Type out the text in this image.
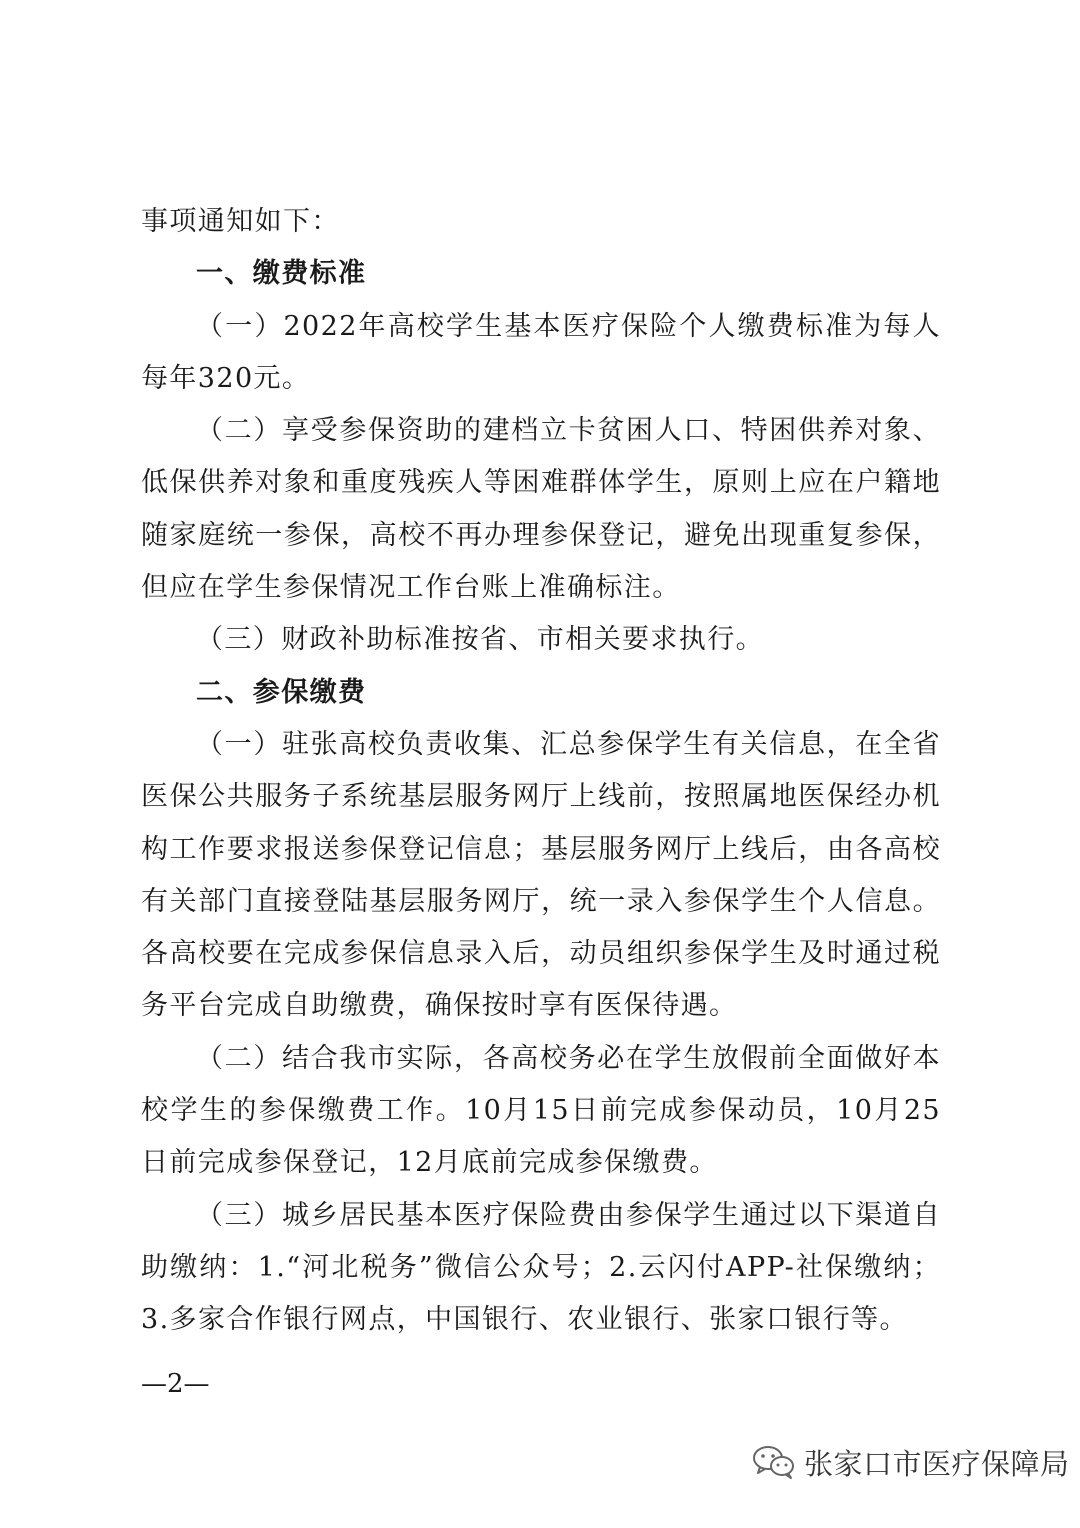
事项通知如下：

一、缴费标准

（一）2022年高校学生基本医疗保险个人缴费标准为每人每年320元。

（二）享受参保资助的建档立卡贫困人口、特困供养对象、低保供养对象和重度残疾人等困难群体学生，原则上应在户籍地随家庭统一参保，高校不再办理参保登记，避免出现重复参保，但应在学生参保情况工作台账上准确标注。

（三）财政补助标准按省、市相关要求执行。

二、参保缴费

（一）驻张高校负责收集、汇总参保学生有关信息，在全省医保公共服务子系统基层服务网厅上线前，按照属地医保经办机构工作要求报送参保登记信息；基层服务网厅上线后，由各高校有关部门直接登陆基层服务网厅，统一录入参保学生个人信息。各高校要在完成参保信息录入后，动员组织参保学生及时通过税务平台完成自助缴费，确保按时享有医保待遇。

（二）结合我市实际，各高校务必在学生放假前全面做好本校学生的参保缴费工作。10月15日前完成参保动员，10月25日前完成参保登记，12月底前完成参保缴费。

（三）城乡居民基本医疗保险费由参保学生通过以下渠道自助缴纳：1.“河北税务”微信公众号；2.云闪付APP-社保缴纳；3.多家合作银行网点，中国银行、农业银行、张家口银行等。

—2—
张家口市医疗保障局
